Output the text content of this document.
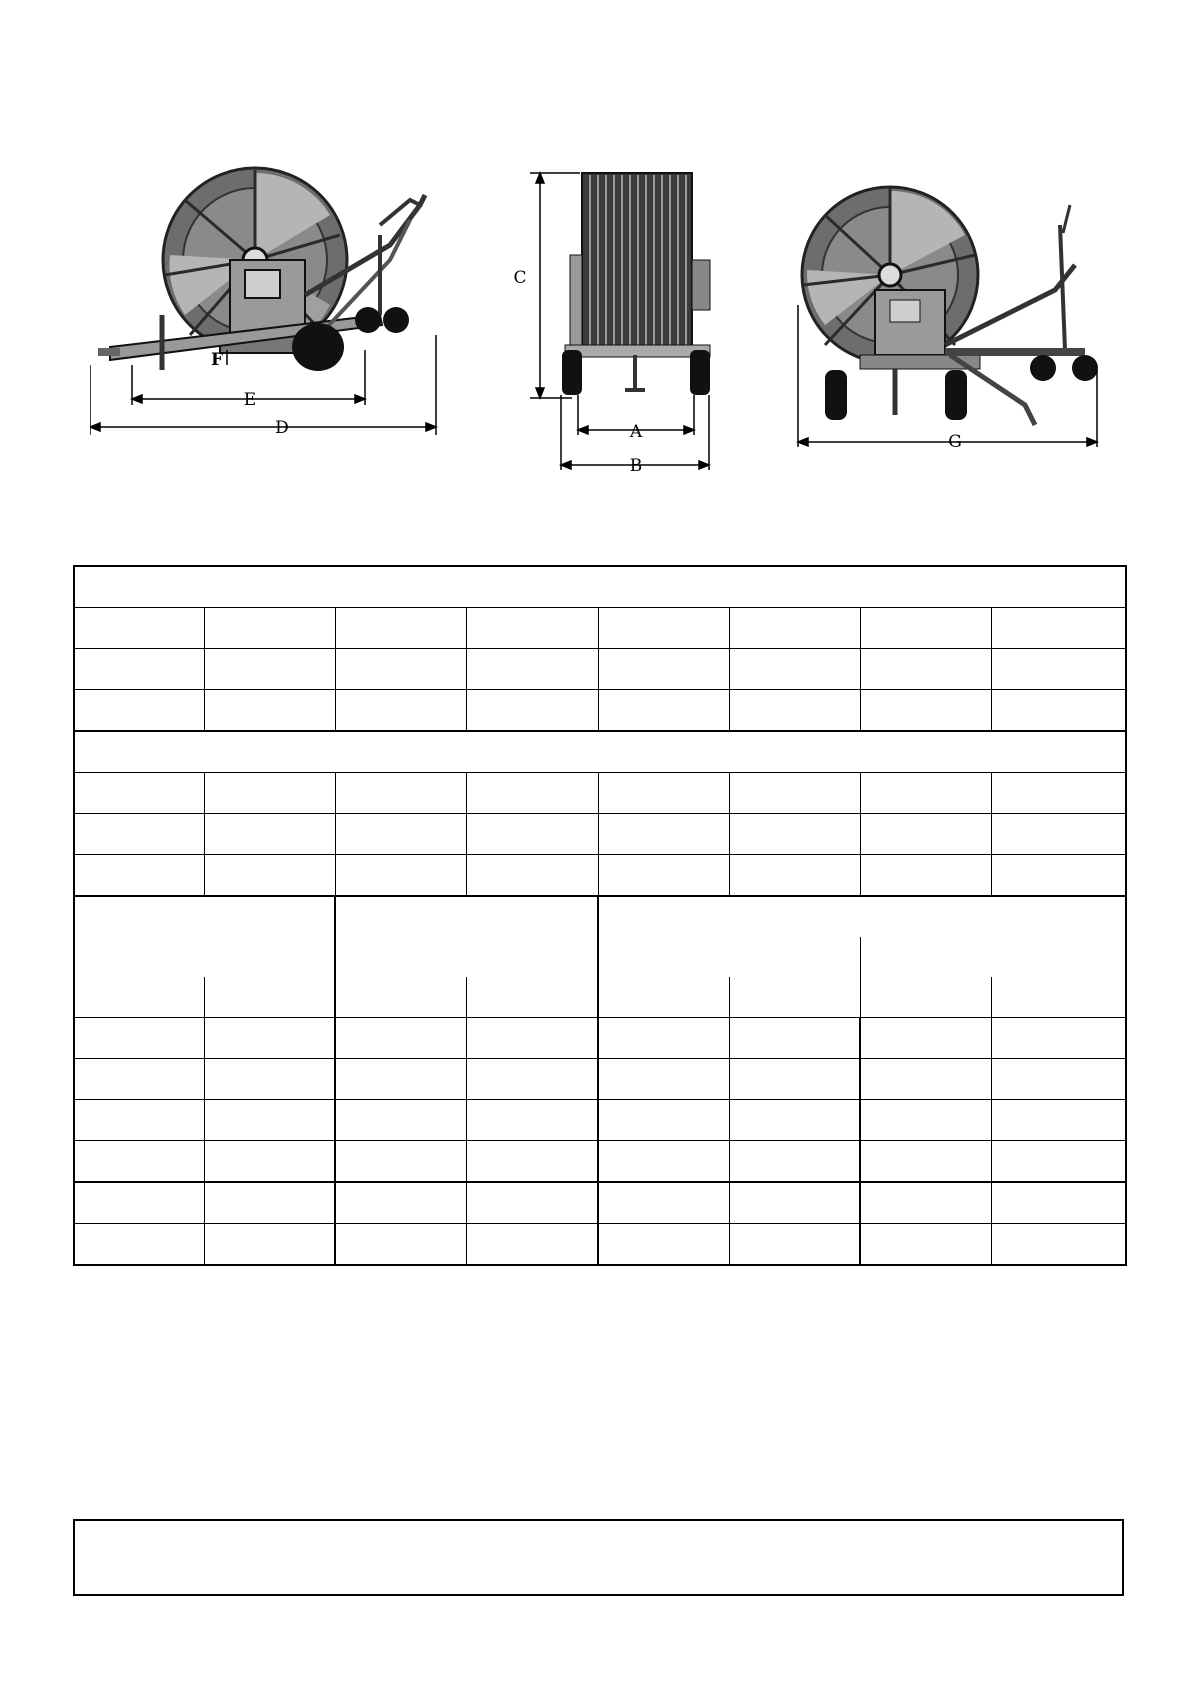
F
E
D
C
A
B
G
